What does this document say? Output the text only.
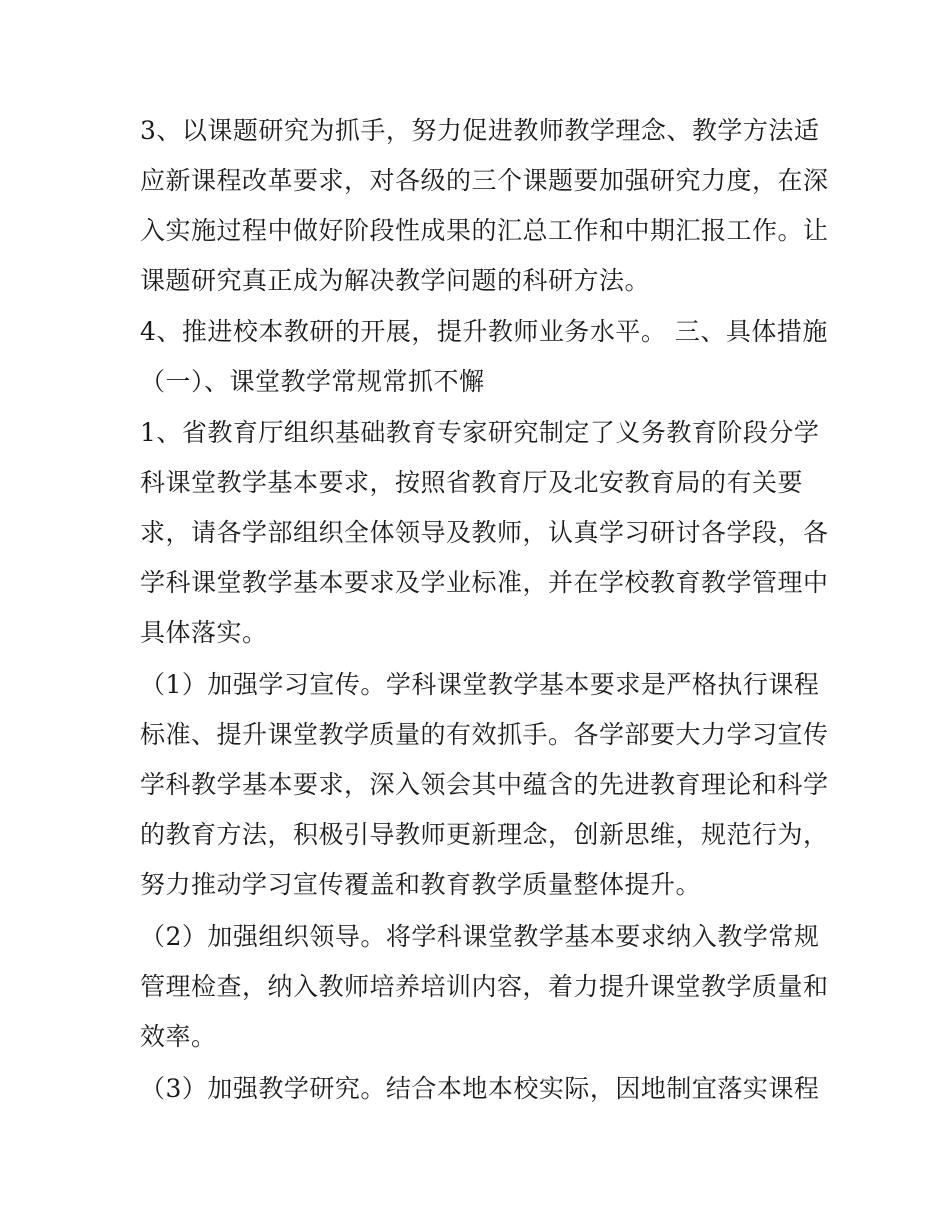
3、以课题研究为抓手，努力促进教师教学理念、教学方法适
应新课程改革要求，对各级的三个课题要加强研究力度，在深
入实施过程中做好阶段性成果的汇总工作和中期汇报工作。让
课题研究真正成为解决教学问题的科研方法。
4、推进校本教研的开展，提升教师业务水平。 三、具体措施
（一）、课堂教学常规常抓不懈
1、省教育厅组织基础教育专家研究制定了义务教育阶段分学
科课堂教学基本要求，按照省教育厅及北安教育局的有关要
求，请各学部组织全体领导及教师，认真学习研讨各学段，各
学科课堂教学基本要求及学业标准，并在学校教育教学管理中
具体落实。
（1）加强学习宣传。学科课堂教学基本要求是严格执行课程
标准、提升课堂教学质量的有效抓手。各学部要大力学习宣传
学科教学基本要求，深入领会其中蕴含的先进教育理论和科学
的教育方法，积极引导教师更新理念，创新思维，规范行为，
努力推动学习宣传覆盖和教育教学质量整体提升。
（2）加强组织领导。将学科课堂教学基本要求纳入教学常规
管理检查，纳入教师培养培训内容，着力提升课堂教学质量和
效率。
（3）加强教学研究。结合本地本校实际，因地制宜落实课程
